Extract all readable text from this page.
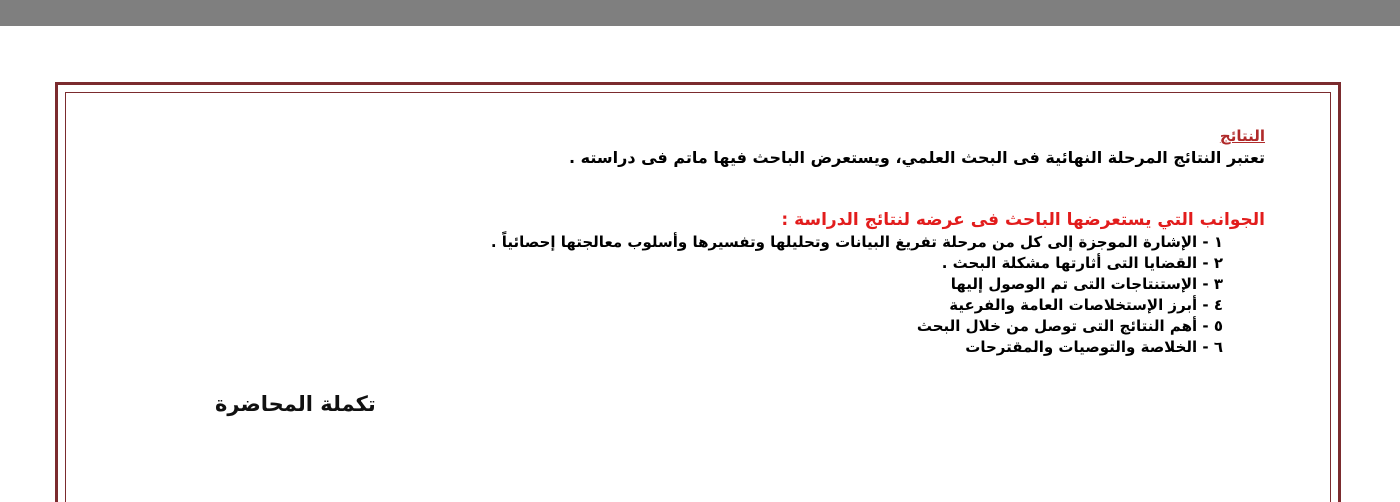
النتائج
تعتبر النتائج المرحلة النهائية فى البحث العلمي، ويستعرض الباحث فيها ماتم فى دراسته .
الجوانب التي يستعرضها الباحث فى عرضه لنتائج الدراسة :
١ - الإشارة الموجزة إلى كل من مرحلة تفريغ البيانات وتحليلها وتفسيرها وأسلوب معالجتها إحصائياً .
٢ - القضايا التى أثارتها مشكلة البحث .
٣ - الإستنتاجات التى تم الوصول إليها
٤ - أبرز الإستخلاصات العامة والفرعية
٥ - أهم النتائج التى توصل من خلال البحث
٦ - الخلاصة والتوصيات والمقترحات
تكملة المحاضرة
